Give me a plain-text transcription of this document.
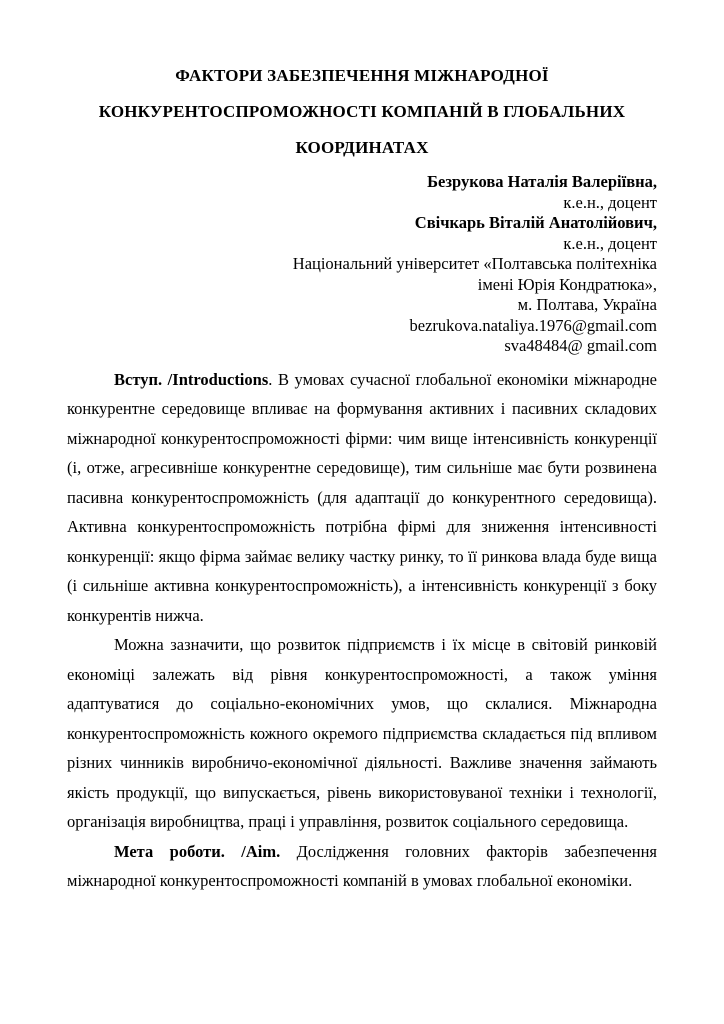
ФАКТОРИ ЗАБЕЗПЕЧЕННЯ МІЖНАРОДНОЇ
КОНКУРЕНТОСПРОМОЖНОСТІ КОМПАНІЙ В ГЛОБАЛЬНИХ
КООРДИНАТАХ
Безрукова Наталія Валеріївна,
к.е.н., доцент
Свічкарь Віталій Анатолійович,
к.е.н., доцент
Національний університет «Полтавська політехніка
імені Юрія Кондратюка»,
м. Полтава, Україна
bezrukova.nataliya.1976@gmail.com
sva48484@ gmail.com

Вступ. /Introductions. В умовах сучасної глобальної економіки міжнародне конкурентне середовище впливає на формування активних і пасивних складових міжнародної конкурентоспроможності фірми: чим вище інтенсивність конкуренції (і, отже, агресивніше конкурентне середовище), тим сильніше має бути розвинена пасивна конкурентоспроможність (для адаптації до конкурентного середовища). Активна конкурентоспроможність потрібна фірмі для зниження інтенсивності конкуренції: якщо фірма займає велику частку ринку, то її ринкова влада буде вища (і сильніше активна конкурентоспроможність), а інтенсивність конкуренції з боку конкурентів нижча.

Можна зазначити, що розвиток підприємств і їх місце в світовій ринковій економіці залежать від рівня конкурентоспроможності, а також уміння адаптуватися до соціально-економічних умов, що склалися. Міжнародна конкурентоспроможність кожного окремого підприємства складається під впливом різних чинників виробничо-економічної діяльності. Важливе значення займають якість продукції, що випускається, рівень використовуваної техніки і технології, організація виробництва, праці і управління, розвиток соціального середовища.

Мета роботи. /Aim. Дослідження головних факторів забезпечення міжнародної конкурентоспроможності компаній в умовах глобальної економіки.
